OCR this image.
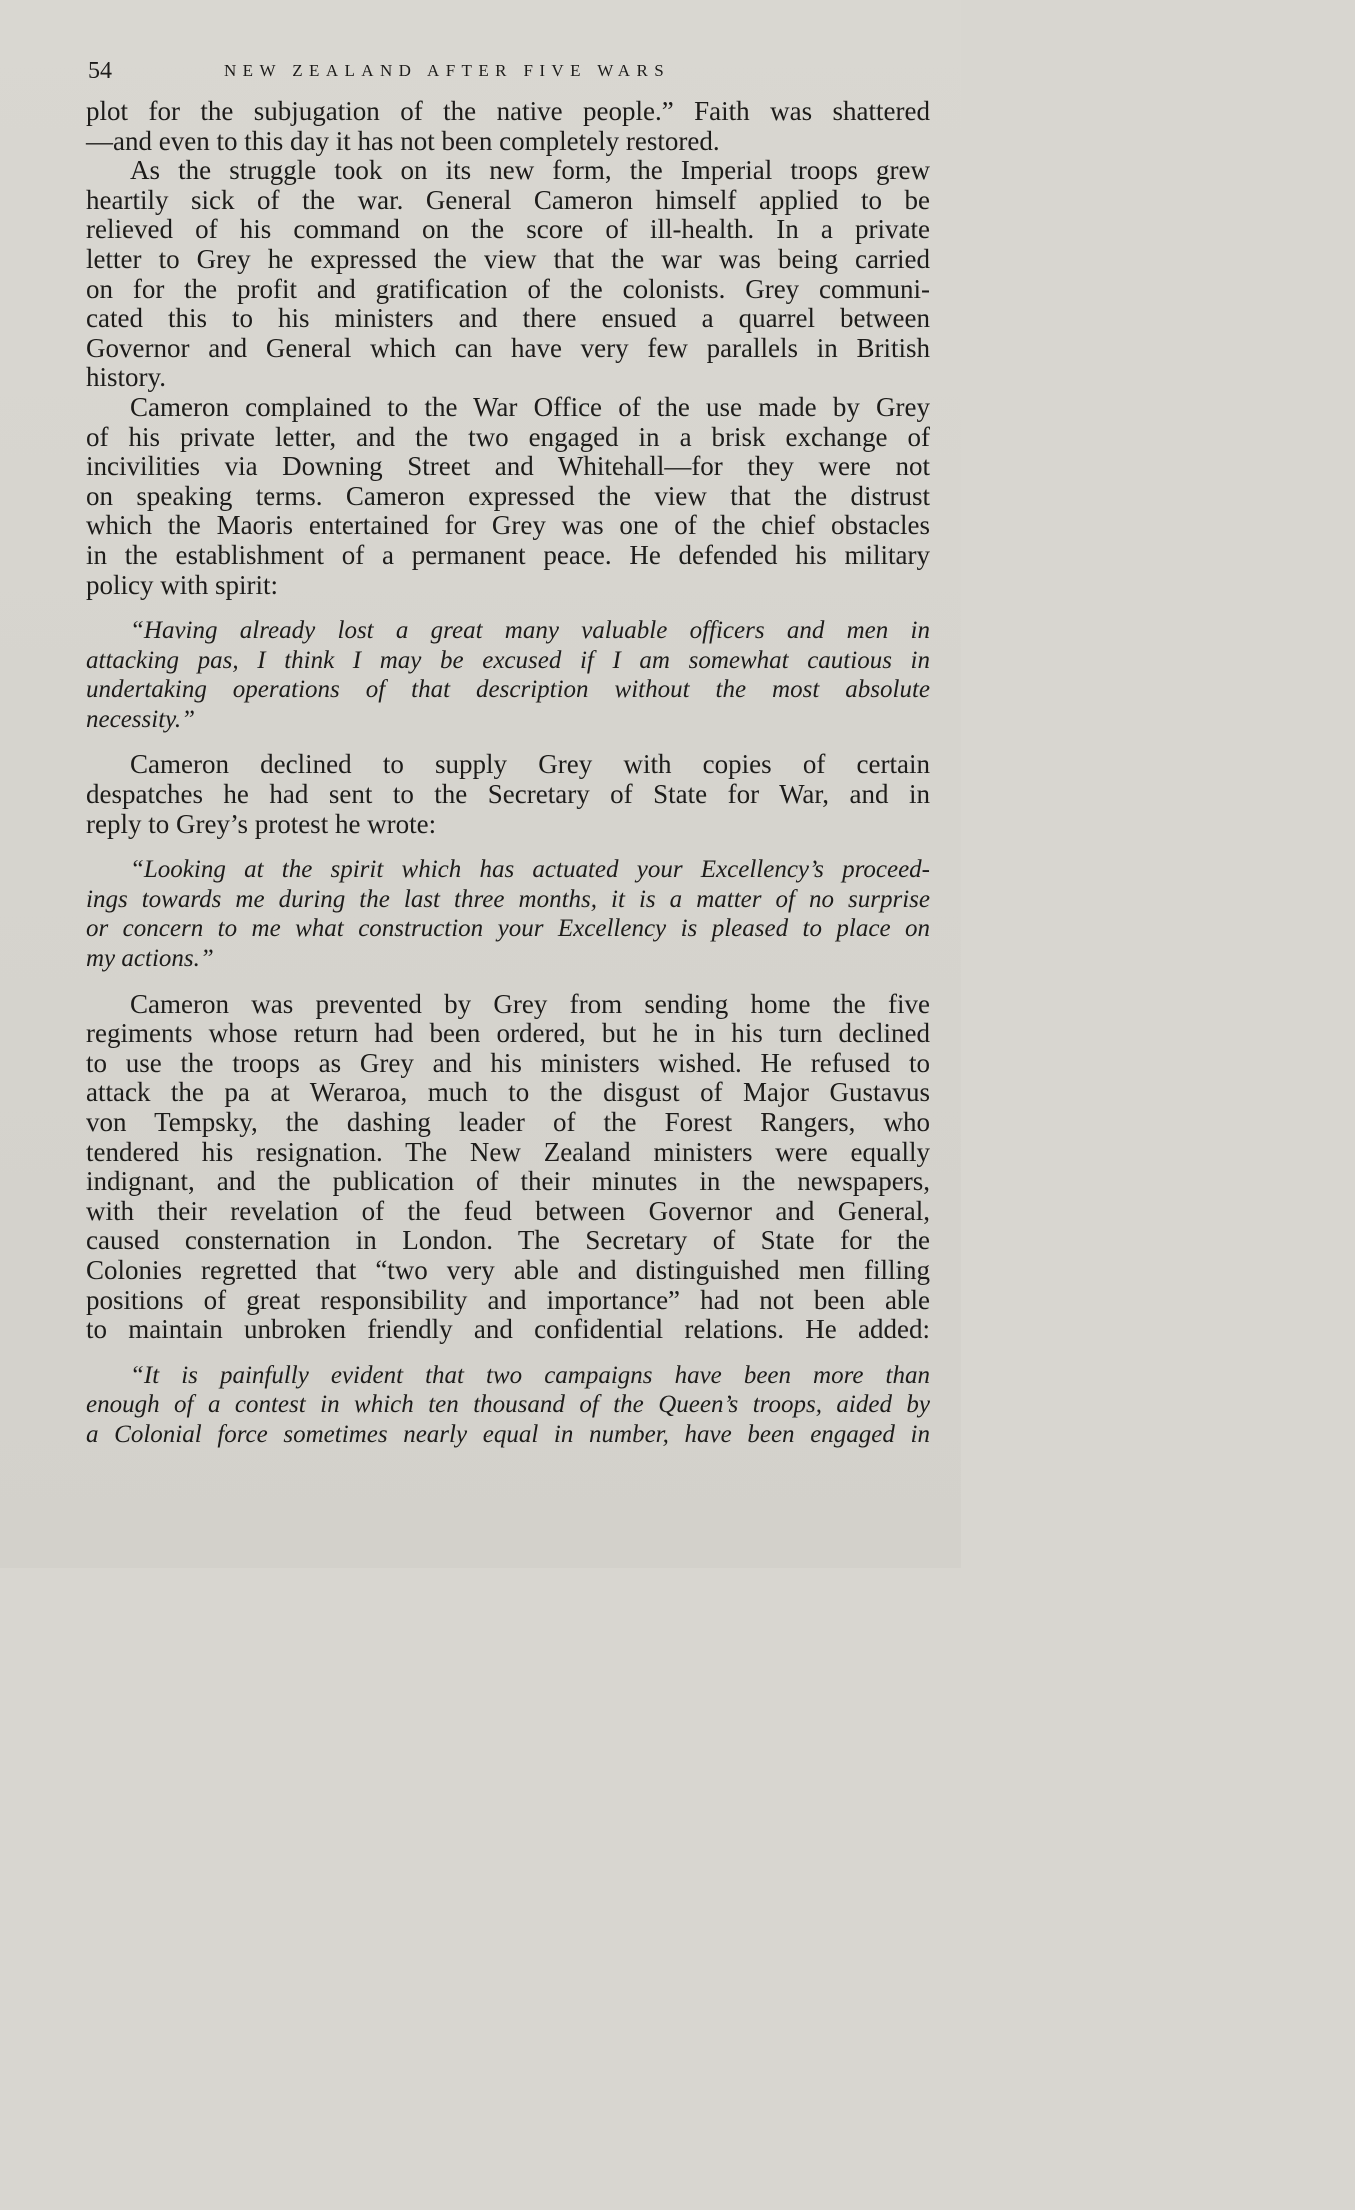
54	NEW ZEALAND AFTER FIVE WARS
plot for the subjugation of the native people.” Faith was shattered
—and even to this day it has not been completely restored.
As the struggle took on its new form, the Imperial troops grew
heartily sick of the war. General Cameron himself applied to be
relieved of his command on the score of ill-health. In a private
letter to Grey he expressed the view that the war was being carried
on for the profit and gratification of the colonists. Grey communi-
cated this to his ministers and there ensued a quarrel between
Governor and General which can have very few parallels in British
history.
Cameron complained to the War Office of the use made by Grey
of his private letter, and the two engaged in a brisk exchange of
incivilities via Downing Street and Whitehall—for they were not
on speaking terms. Cameron expressed the view that the distrust
which the Maoris entertained for Grey was one of the chief obstacles
in the establishment of a permanent peace. He defended his military
policy with spirit:
“Having already lost a great many valuable officers and men in
attacking pas, I think I may be excused if I am somewhat cautious in
undertaking operations of that description without the most absolute
necessity.”
Cameron declined to supply Grey with copies of certain
despatches he had sent to the Secretary of State for War, and in
reply to Grey’s protest he wrote:
“Looking at the spirit which has actuated your Excellency’s proceed-
ings towards me during the last three months, it is a matter of no surprise
or concern to me what construction your Excellency is pleased to place on
my actions.”
Cameron was prevented by Grey from sending home the five
regiments whose return had been ordered, but he in his turn declined
to use the troops as Grey and his ministers wished. He refused to
attack the pa at Weraroa, much to the disgust of Major Gustavus
von Tempsky, the dashing leader of the Forest Rangers, who
tendered his resignation. The New Zealand ministers were equally
indignant, and the publication of their minutes in the newspapers,
with their revelation of the feud between Governor and General,
caused consternation in London. The Secretary of State for the
Colonies regretted that “two very able and distinguished men filling
positions of great responsibility and importance” had not been able
to maintain unbroken friendly and confidential relations. He added:
“It is painfully evident that two campaigns have been more than
enough of a contest in which ten thousand of the Queen’s troops, aided by
a Colonial force sometimes nearly equal in number, have been engaged in
